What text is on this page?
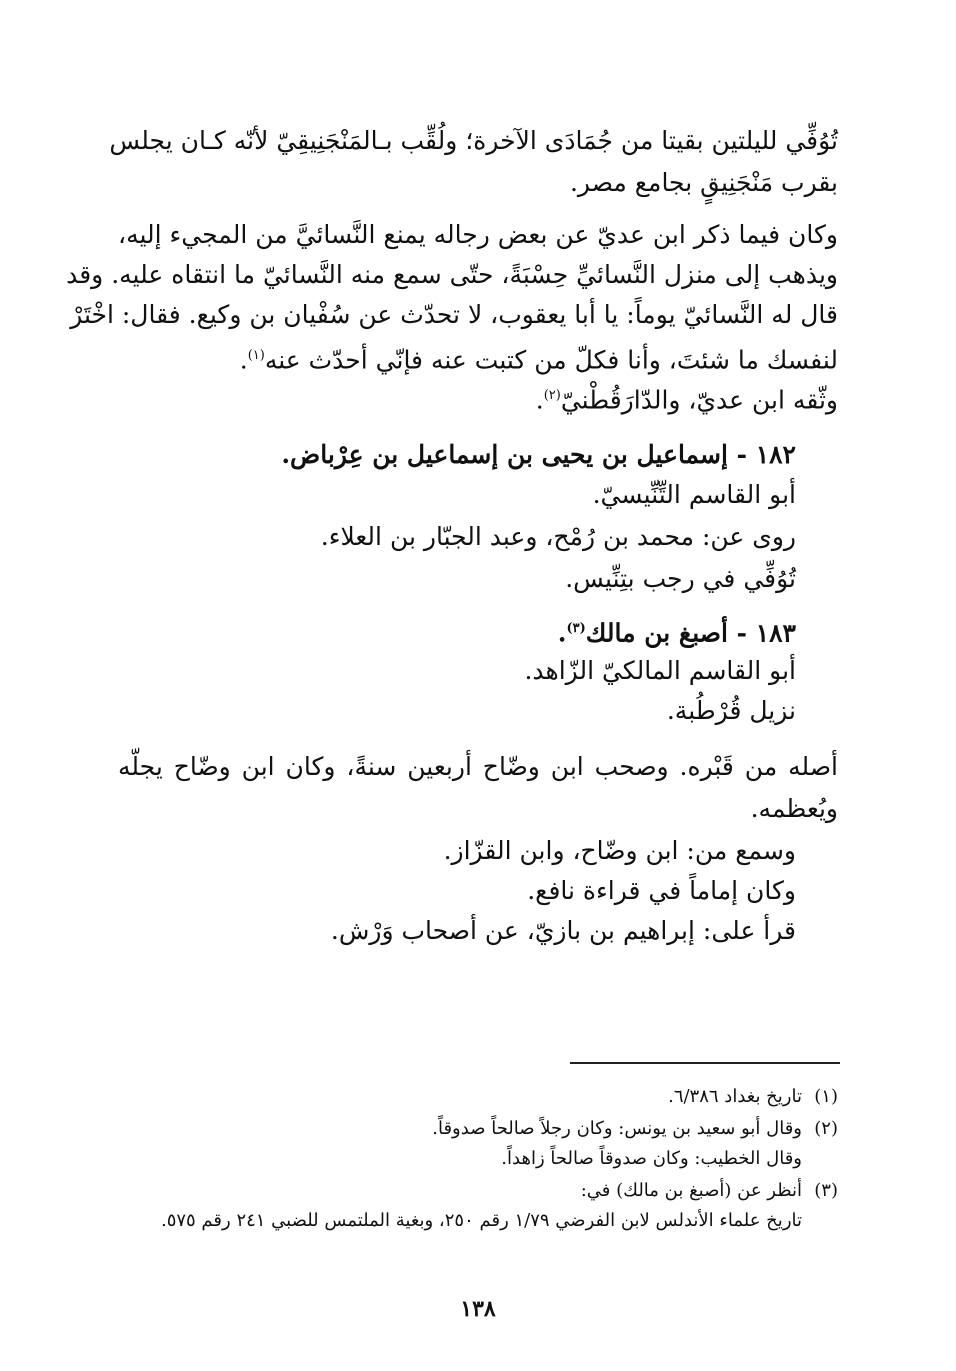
تُوُفِّي لليلتين بقيتا من جُمَادَى الآخرة؛ ولُقِّب بـالمَنْجَنِيقِيّ لأنّه كـان يجلس
بقرب مَنْجَنِيقٍ بجامع مصر.
وكان فيما ذكر ابن عديّ عن بعض رجاله يمنع النَّسائيَّ من المجيء إليه،
ويذهب إلى منزل النَّسائيِّ حِسْبَةً، حتّى سمع منه النَّسائيّ ما انتقاه عليه. وقد
قال له النَّسائيّ يوماً: يا أبا يعقوب، لا تحدّث عن سُفْيان بن وكيع. فقال: اخْتَرْ
لنفسك ما شئتَ، وأنا فكلّ من كتبت عنه فإنّي أحدّث عنه$^{(١)}$.
وثّقه ابن عديّ، والدّارَقُطْنيّ$^{(٢)}$.
١٨٢ - إسماعيل بن يحيى بن إسماعيل بن عِرْباض.
أبو القاسم التِّنِّيسيّ.
روى عن: محمد بن رُمْح، وعبد الجبّار بن العلاء.
تُوُفِّي في رجب بتِنِّيس.
١٨٣ - أصبغ بن مالك$^{(٣)}$.
أبو القاسم المالكيّ الزّاهد.
نزيل قُرْطُبة.
أصله من قَبْره. وصحب ابن وضّاح أربعين سنةً، وكان ابن وضّاح يجلّه
ويُعظمه.
وسمع من: ابن وضّاح، وابن القزّاز.
وكان إماماً في قراءة نافع.
قرأ على: إبراهيم بن بازيّ، عن أصحاب وَرْش.
(١)تاريخ بغداد ٦/٣٨٦.
(٢)وقال أبو سعيد بن يونس: وكان رجلاً صالحاً صدوقاً.
وقال الخطيب: وكان صدوقاً صالحاً زاهداً.
(٣)أنظر عن (أصبغ بن مالك) في:
تاريخ علماء الأندلس لابن الفرضي ١/٧٩ رقم ٢٥٠، وبغية الملتمس للضبي ٢٤١ رقم ٥٧٥.
١٣٨
